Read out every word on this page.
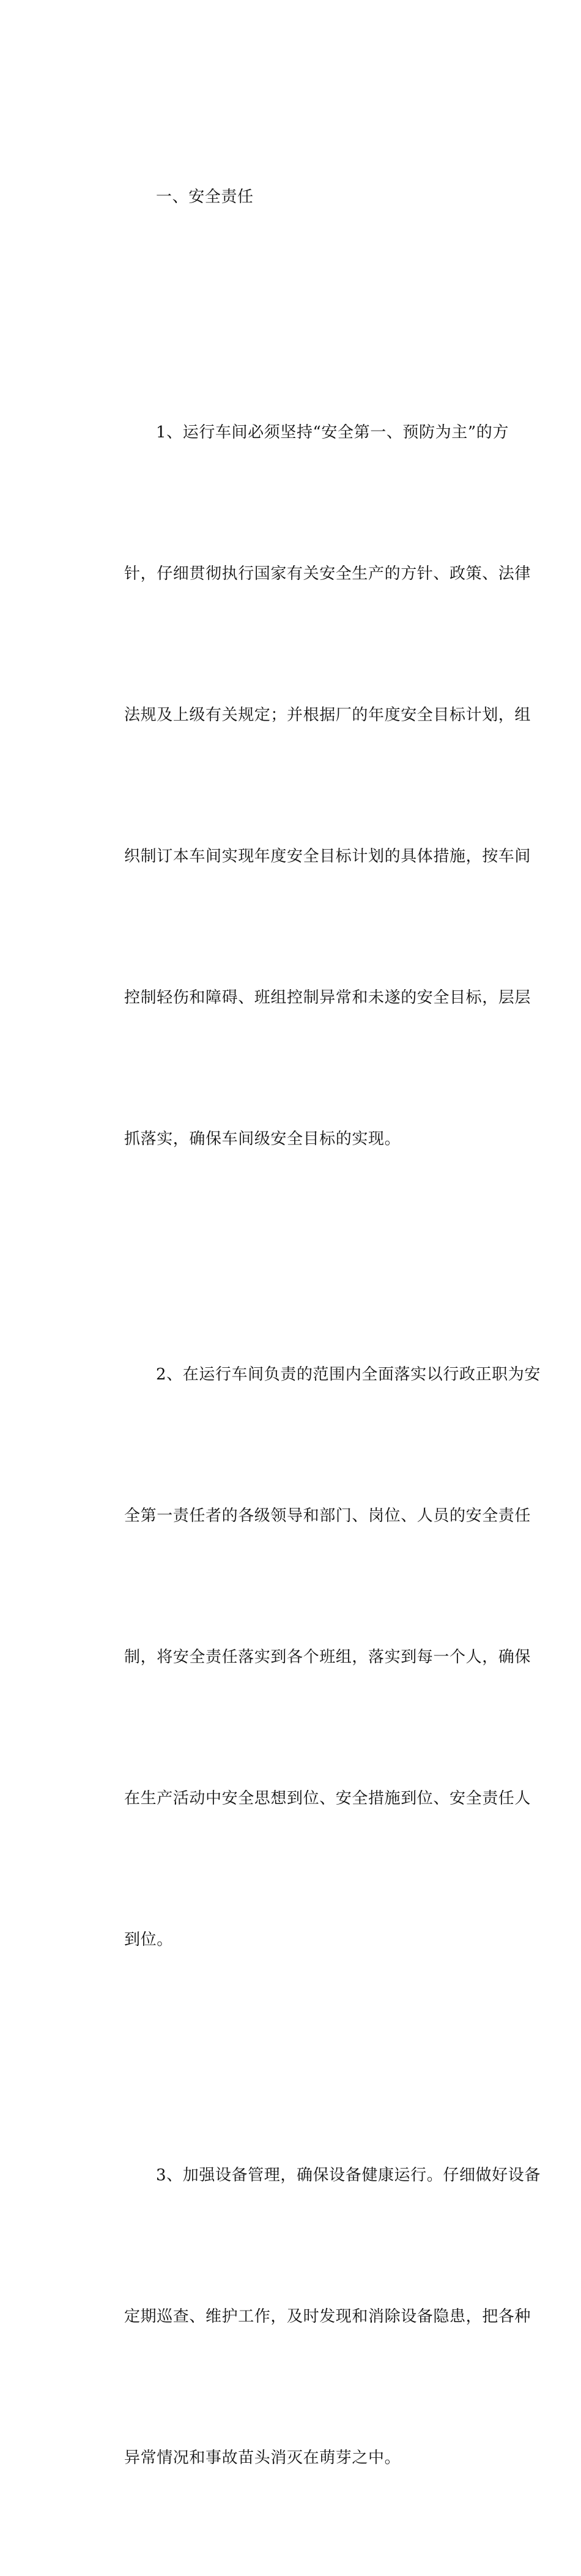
一、安全责任

1、运行车间必须坚持“安全第一、预防为主”的方

针，仔细贯彻执行国家有关安全生产的方针、政策、法律

法规及上级有关规定；并根据厂的年度安全目标计划，组

织制订本车间实现年度安全目标计划的具体措施，按车间

控制轻伤和障碍、班组控制异常和未遂的安全目标，层层

抓落实，确保车间级安全目标的实现。

2、在运行车间负责的范围内全面落实以行政正职为安

全第一责任者的各级领导和部门、岗位、人员的安全责任

制，将安全责任落实到各个班组，落实到每一个人，确保

在生产活动中安全思想到位、安全措施到位、安全责任人

到位。

3、加强设备管理，确保设备健康运行。仔细做好设备

定期巡查、维护工作，及时发现和消除设备隐患，把各种

异常情况和事故苗头消灭在萌芽之中。
